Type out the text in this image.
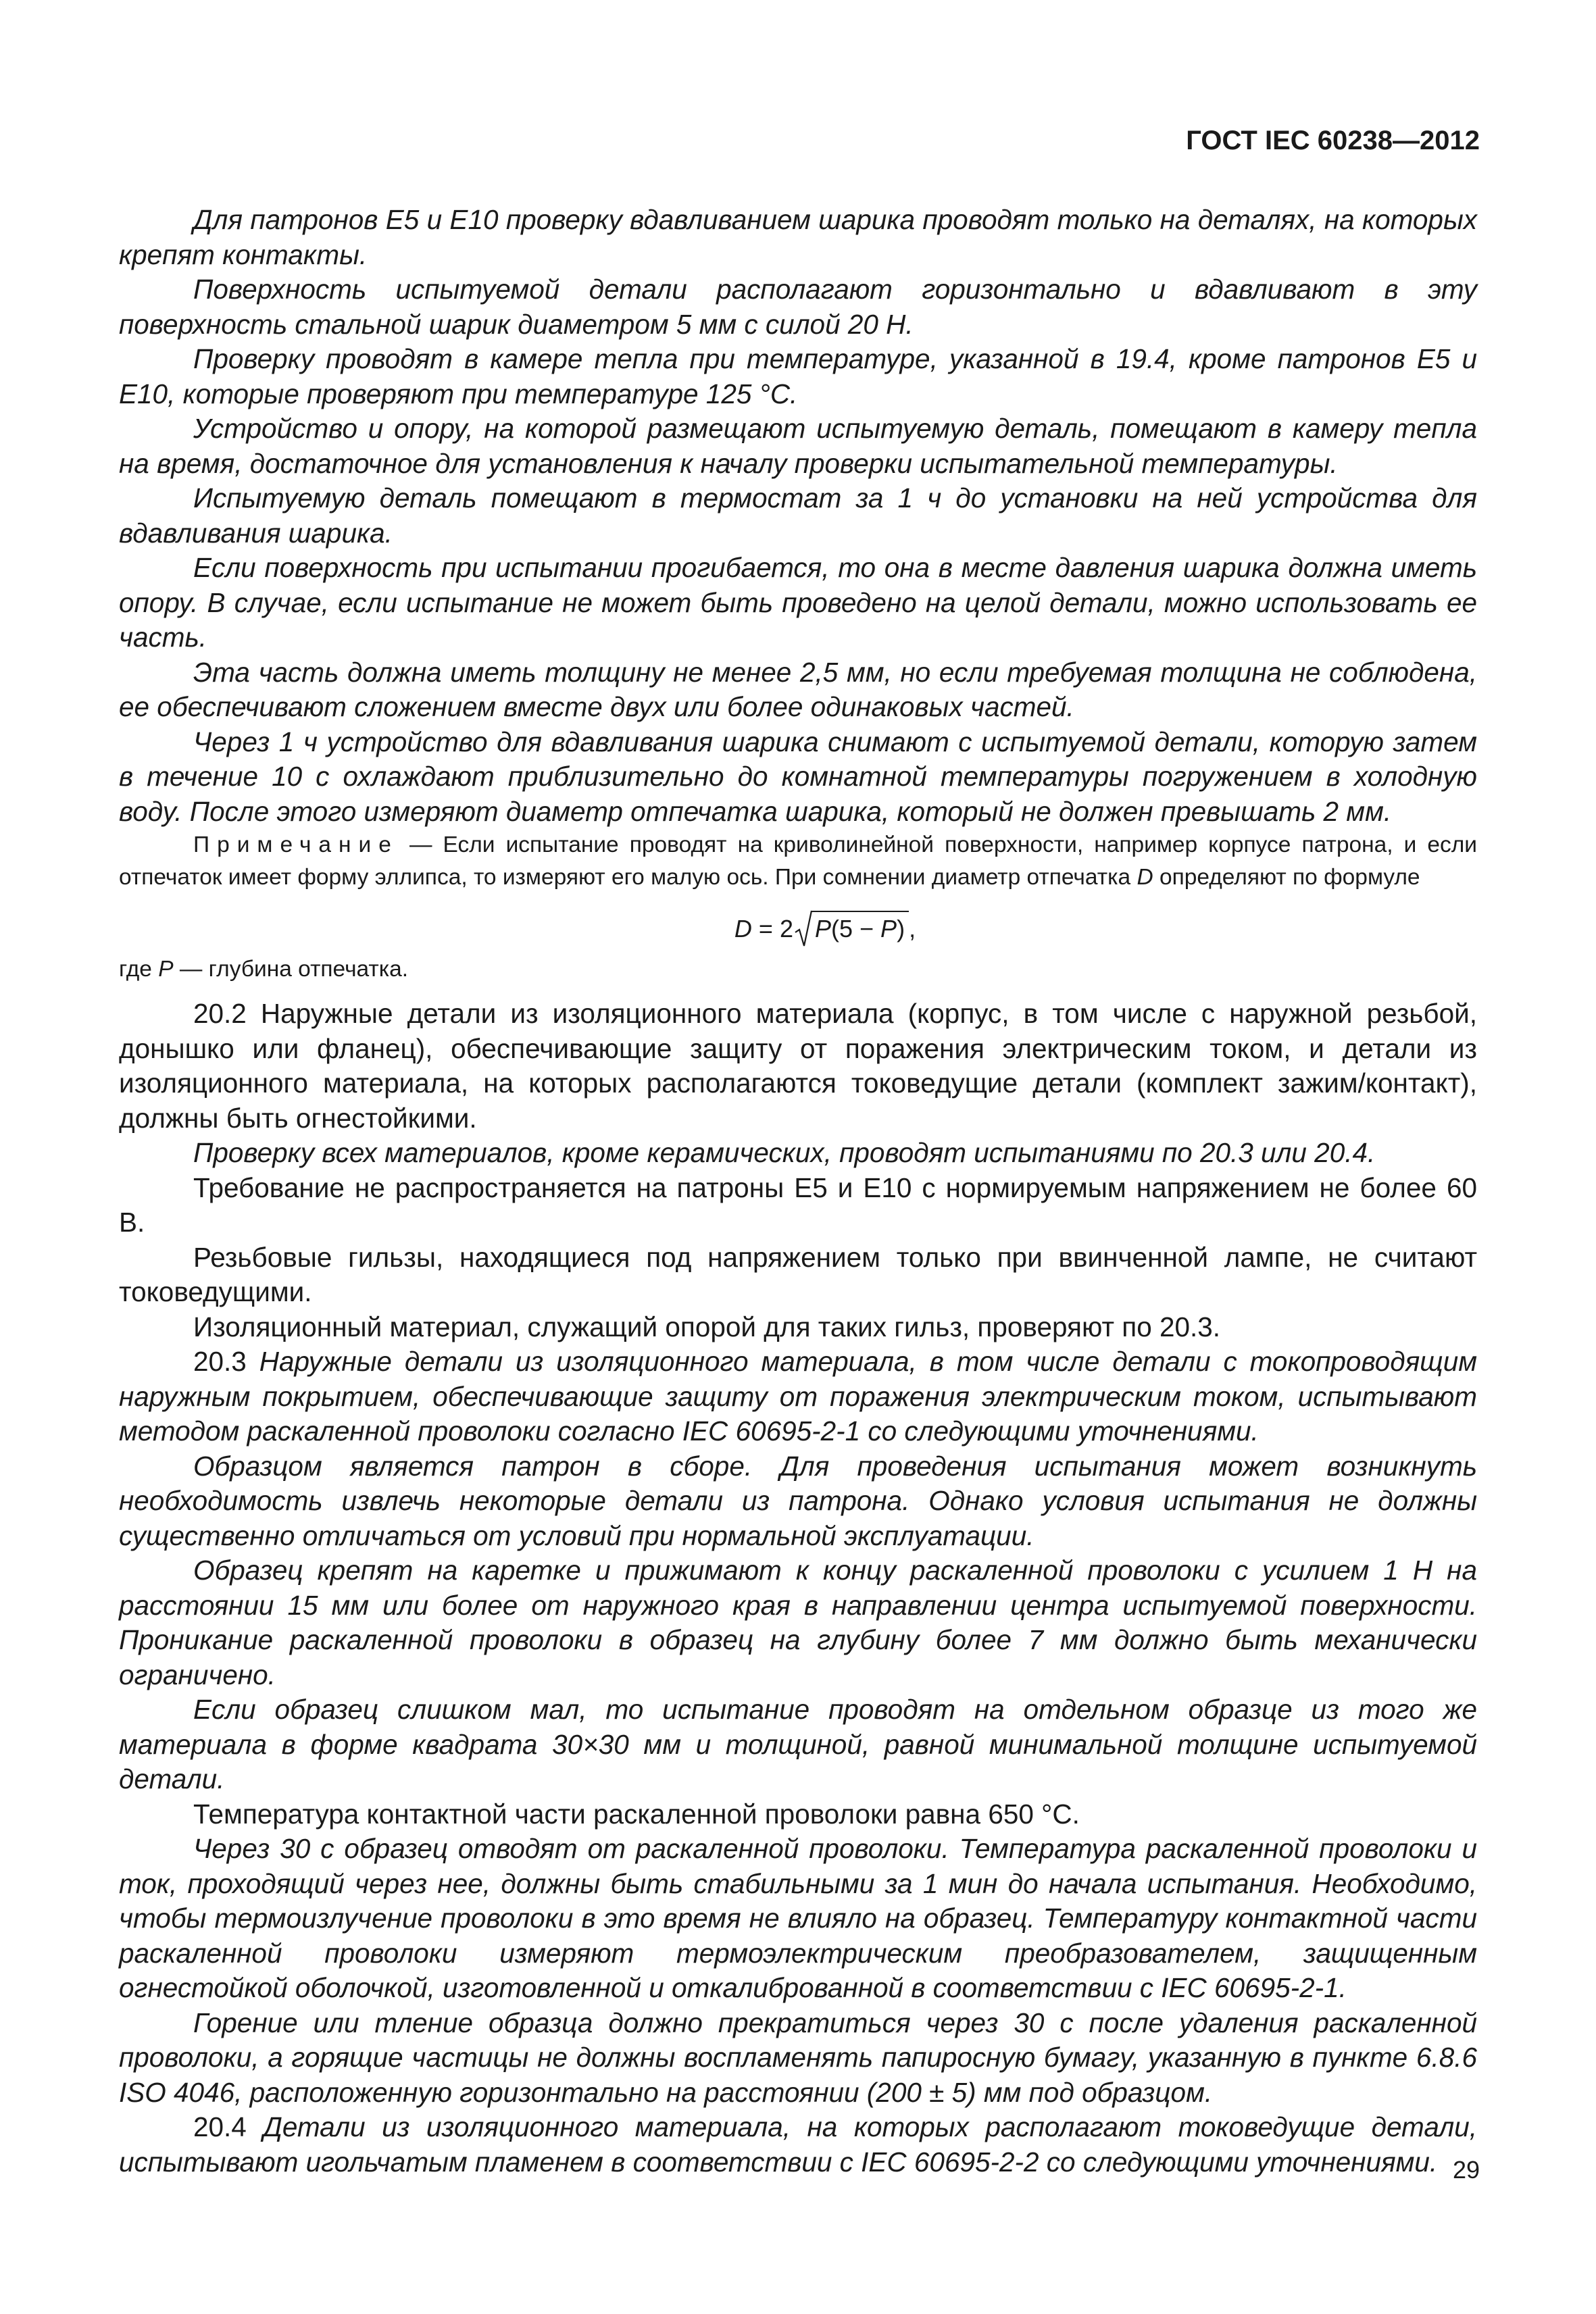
ГОСТ IEC 60238—2012

Для патронов Е5 и Е10 проверку вдавливанием шарика проводят только на деталях, на которых крепят контакты.

Поверхность испытуемой детали располагают горизонтально и вдавливают в эту поверхность стальной шарик диаметром 5 мм с силой 20 Н.

Проверку проводят в камере тепла при температуре, указанной в 19.4, кроме патронов Е5 и Е10, которые проверяют при температуре 125 °С.

Устройство и опору, на которой размещают испытуемую деталь, помещают в камеру тепла на время, достаточное для установления к началу проверки испытательной температуры.

Испытуемую деталь помещают в термостат за 1 ч до установки на ней устройства для вдавливания шарика.

Если поверхность при испытании прогибается, то она в месте давления шарика должна иметь опору. В случае, если испытание не может быть проведено на целой детали, можно использовать ее часть.

Эта часть должна иметь толщину не менее 2,5 мм, но если требуемая толщина не соблюдена, ее обеспечивают сложением вместе двух или более одинаковых частей.

Через 1 ч устройство для вдавливания шарика снимают с испытуемой детали, которую затем в течение 10 с охлаждают приблизительно до комнатной температуры погружением в холодную воду. После этого измеряют диаметр отпечатка шарика, который не должен превышать 2 мм.

Примечание — Если испытание проводят на криволинейной поверхности, например корпусе патрона, и если отпечаток имеет форму эллипса, то измеряют его малую ось. При сомнении диаметр отпечатка D определяют по формуле

D = 2 P(5 − P) ,

где P — глубина отпечатка.

20.2 Наружные детали из изоляционного материала (корпус, в том числе с наружной резьбой, донышко или фланец), обеспечивающие защиту от поражения электрическим током, и детали из изоляционного материала, на которых располагаются токоведущие детали (комплект зажим/контакт), должны быть огнестойкими.

Проверку всех материалов, кроме керамических, проводят испытаниями по 20.3 или 20.4.

Требование не распространяется на патроны Е5 и Е10 с нормируемым напряжением не более 60 В.

Резьбовые гильзы, находящиеся под напряжением только при ввинченной лампе, не считают токоведущими.

Изоляционный материал, служащий опорой для таких гильз, проверяют по 20.3.

20.3 Наружные детали из изоляционного материала, в том числе детали с токопроводящим наружным покрытием, обеспечивающие защиту от поражения электрическим током, испытывают методом раскаленной проволоки согласно IEC 60695-2-1 со следующими уточнениями.

Образцом является патрон в сборе. Для проведения испытания может возникнуть необходимость извлечь некоторые детали из патрона. Однако условия испытания не должны существенно отличаться от условий при нормальной эксплуатации.

Образец крепят на каретке и прижимают к концу раскаленной проволоки с усилием 1 Н на расстоянии 15 мм или более от наружного края в направлении центра испытуемой поверхности. Проникание раскаленной проволоки в образец на глубину более 7 мм должно быть механически ограничено.

Если образец слишком мал, то испытание проводят на отдельном образце из того же материала в форме квадрата 30×30 мм и толщиной, равной минимальной толщине испытуемой детали.

Температура контактной части раскаленной проволоки равна 650 °С.

Через 30 с образец отводят от раскаленной проволоки. Температура раскаленной проволоки и ток, проходящий через нее, должны быть стабильными за 1 мин до начала испытания. Необходимо, чтобы термоизлучение проволоки в это время не влияло на образец. Температуру контактной части раскаленной проволоки измеряют термоэлектрическим преобразователем, защищенным огнестойкой оболочкой, изготовленной и откалиброванной в соответствии с IEC 60695-2-1.

Горение или тление образца должно прекратиться через 30 с после удаления раскаленной проволоки, а горящие частицы не должны воспламенять папиросную бумагу, указанную в пункте 6.8.6 ISO 4046, расположенную горизонтально на расстоянии (200 ± 5) мм под образцом.

20.4 Детали из изоляционного материала, на которых располагают токоведущие детали, испытывают игольчатым пламенем в соответствии с IEC 60695-2-2 со следующими уточнениями. 29
